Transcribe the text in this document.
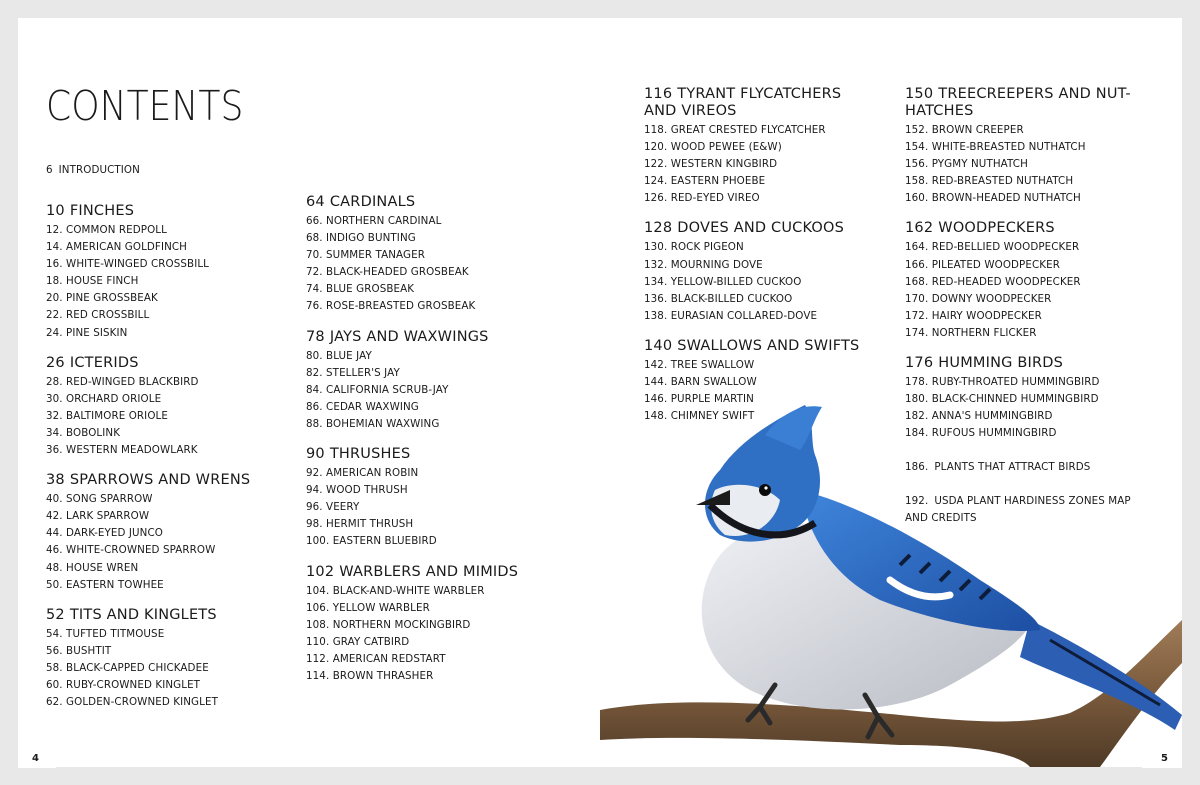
CONTENTS
6 INTRODUCTION
10 FINCHES
12. COMMON REDPOLL
14. AMERICAN GOLDFINCH
16. WHITE-WINGED CROSSBILL
18. HOUSE FINCH
20. PINE GROSSBEAK
22. RED CROSSBILL
24. PINE SISKIN
26 ICTERIDS
28. RED-WINGED BLACKBIRD
30. ORCHARD ORIOLE
32. BALTIMORE ORIOLE
34. BOBOLINK
36. WESTERN MEADOWLARK
38 SPARROWS AND WRENS
40. SONG SPARROW
42. LARK SPARROW
44. DARK-EYED JUNCO
46. WHITE-CROWNED SPARROW
48. HOUSE WREN
50. EASTERN TOWHEE
52 TITS AND KINGLETS
54. TUFTED TITMOUSE
56. BUSHTIT
58. BLACK-CAPPED CHICKADEE
60. RUBY-CROWNED KINGLET
62. GOLDEN-CROWNED KINGLET
64 CARDINALS
66. NORTHERN CARDINAL
68. INDIGO BUNTING
70. SUMMER TANAGER
72. BLACK-HEADED GROSBEAK
74. BLUE GROSBEAK
76. ROSE-BREASTED GROSBEAK
78 JAYS AND WAXWINGS
80. BLUE JAY
82. STELLER'S JAY
84. CALIFORNIA SCRUB-JAY
86. CEDAR WAXWING
88. BOHEMIAN WAXWING
90 THRUSHES
92. AMERICAN ROBIN
94. WOOD THRUSH
96. VEERY
98. HERMIT THRUSH
100. EASTERN BLUEBIRD
102 WARBLERS AND MIMIDS
104. BLACK-AND-WHITE WARBLER
106. YELLOW WARBLER
108. NORTHERN MOCKINGBIRD
110. GRAY CATBIRD
112. AMERICAN REDSTART
114. BROWN THRASHER
116 TYRANT FLYCATCHERS
AND VIREOS
118. GREAT CRESTED FLYCATCHER
120. WOOD PEWEE (E&W)
122. WESTERN KINGBIRD
124. EASTERN PHOEBE
126. RED-EYED VIREO
128 DOVES AND CUCKOOS
130. ROCK PIGEON
132. MOURNING DOVE
134. YELLOW-BILLED CUCKOO
136. BLACK-BILLED CUCKOO
138. EURASIAN COLLARED-DOVE
140 SWALLOWS AND SWIFTS
142. TREE SWALLOW
144. BARN SWALLOW
146. PURPLE MARTIN
148. CHIMNEY SWIFT
150 TREECREEPERS AND NUT-
HATCHES
152. BROWN CREEPER
154. WHITE-BREASTED NUTHATCH
156. PYGMY NUTHATCH
158. RED-BREASTED NUTHATCH
160. BROWN-HEADED NUTHATCH
162 WOODPECKERS
164. RED-BELLIED WOODPECKER
166. PILEATED WOODPECKER
168. RED-HEADED WOODPECKER
170. DOWNY WOODPECKER
172. HAIRY WOODPECKER
174. NORTHERN FLICKER
176 HUMMING BIRDS
178. RUBY-THROATED HUMMINGBIRD
180. BLACK-CHINNED HUMMINGBIRD
182. ANNA'S HUMMINGBIRD
184. RUFOUS HUMMINGBIRD
186. PLANTS THAT ATTRACT BIRDS
192. USDA PLANT HARDINESS ZONES MAP
AND CREDITS
4	5
